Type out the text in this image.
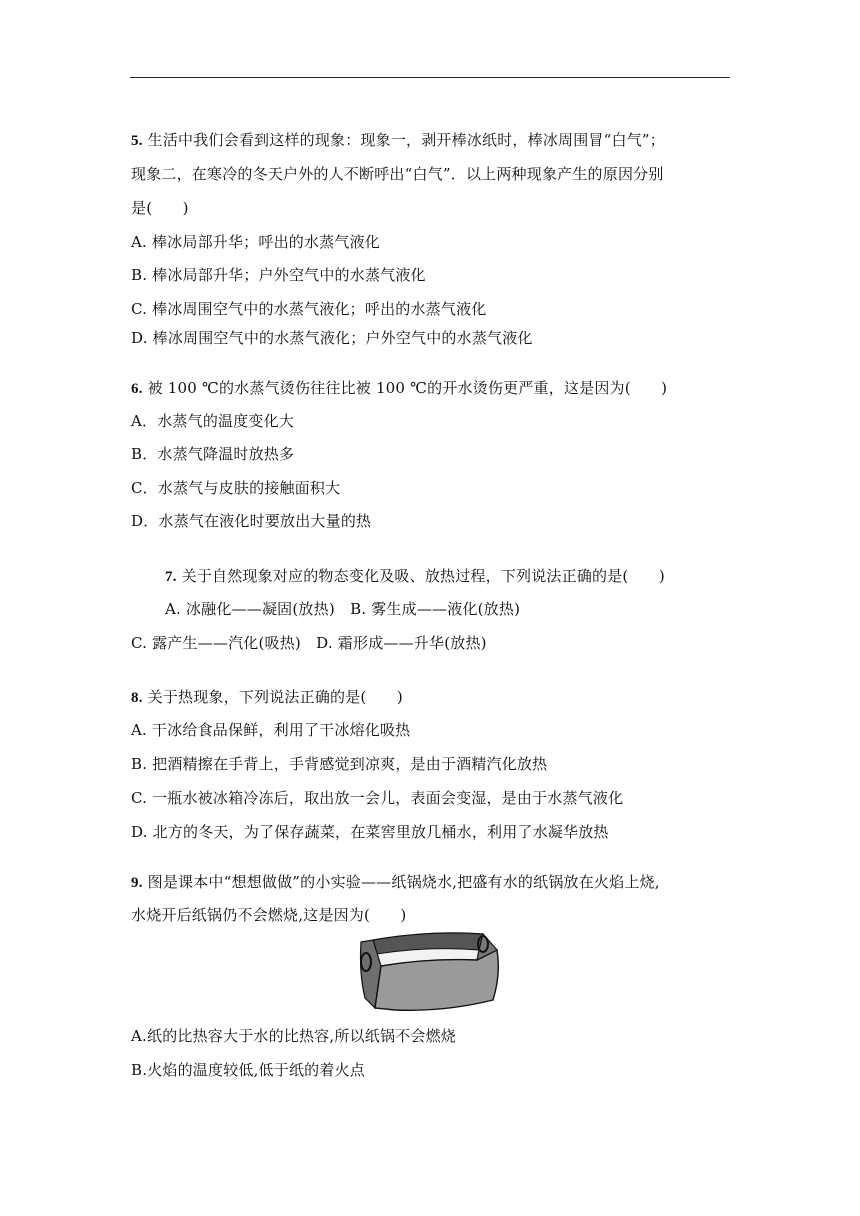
5. 生活中我们会看到这样的现象：现象一，剥开棒冰纸时，棒冰周围冒“白气”；
现象二，在寒冷的冬天户外的人不断呼出“白气”．以上两种现象产生的原因分别
是(　　)
A. 棒冰局部升华；呼出的水蒸气液化
B. 棒冰局部升华；户外空气中的水蒸气液化
C. 棒冰周围空气中的水蒸气液化；呼出的水蒸气液化
D. 棒冰周围空气中的水蒸气液化；户外空气中的水蒸气液化
6. 被 100 ℃的水蒸气烫伤往往比被 100 ℃的开水烫伤更严重，这是因为(　　)
A．水蒸气的温度变化大
B．水蒸气降温时放热多
C．水蒸气与皮肤的接触面积大
D．水蒸气在液化时要放出大量的热
7. 关于自然现象对应的物态变化及吸、放热过程，下列说法正确的是(　　)
A. 冰融化——凝固(放热)　B. 雾生成——液化(放热)
C. 露产生——汽化(吸热)　D. 霜形成——升华(放热)
8. 关于热现象，下列说法正确的是(　　)
A. 干冰给食品保鲜，利用了干冰熔化吸热
B. 把酒精擦在手背上，手背感觉到凉爽，是由于酒精汽化放热
C. 一瓶水被冰箱冷冻后，取出放一会儿，表面会变湿，是由于水蒸气液化
D. 北方的冬天，为了保存蔬菜，在菜窖里放几桶水，利用了水凝华放热
9. 图是课本中“想想做做”的小实验——纸锅烧水,把盛有水的纸锅放在火焰上烧,
水烧开后纸锅仍不会燃烧,这是因为(　　)
A.纸的比热容大于水的比热容,所以纸锅不会燃烧
B.火焰的温度较低,低于纸的着火点
